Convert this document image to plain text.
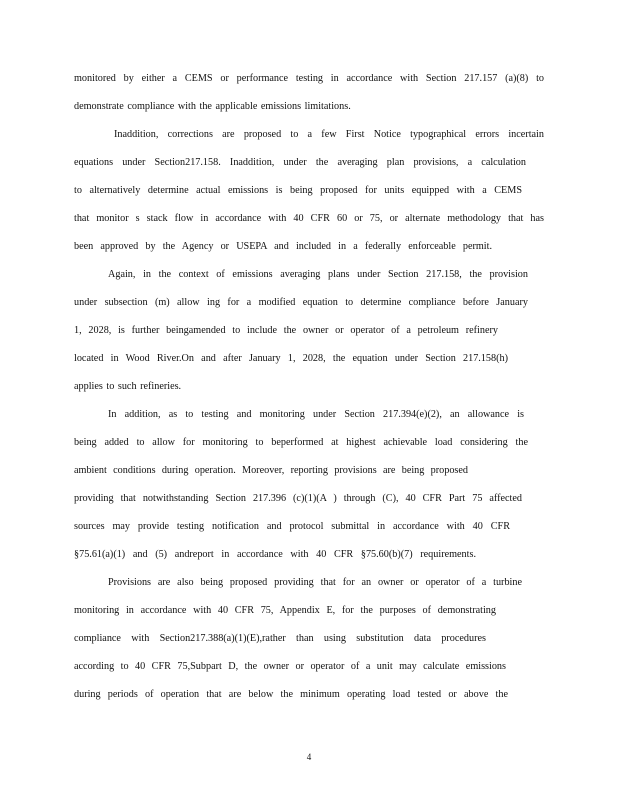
monitored by either a CEMS or performance testing in accordance with Section 217.157 (a)(8) to
demonstrate compliance with the applicable emissions limitations.
Inaddition, corrections are proposed to a few First Notice typographical errors incertain
equations under Section217.158. Inaddition, under the averaging plan provisions, a calculation
to alternatively determine actual emissions is being proposed for units equipped with a CEMS
that monitor s stack flow in accordance with 40 CFR 60 or 75, or alternate methodology that has
been approved by the Agency or USEPA and included in a federally enforceable permit.
Again, in the context of emissions averaging plans under Section 217.158, the provision
under subsection (m) allow ing for a modified equation to determine compliance before January
1, 2028, is further beingamended to include the owner or operator of a petroleum refinery
located in Wood River.On and after January 1, 2028, the equation under Section 217.158(h)
applies to such refineries.
In addition, as to testing and monitoring under Section 217.394(e)(2), an allowance is
being added to allow for monitoring to beperformed at highest achievable load considering the
ambient conditions during operation. Moreover, reporting provisions are being proposed
providing that notwithstanding Section 217.396 (c)(1)(A ) through (C), 40 CFR Part 75 affected
sources may provide testing notification and protocol submittal in accordance with 40 CFR
§75.61(a)(1) and (5) andreport in accordance with 40 CFR §75.60(b)(7) requirements.
Provisions are also being proposed providing that for an owner or operator of a turbine
monitoring in accordance with 40 CFR 75, Appendix E, for the purposes of demonstrating
compliance with Section217.388(a)(1)(E),rather than using substitution data procedures
according to 40 CFR 75,Subpart D, the owner or operator of a unit may calculate emissions
during periods of operation that are below the minimum operating load tested or above the
4
